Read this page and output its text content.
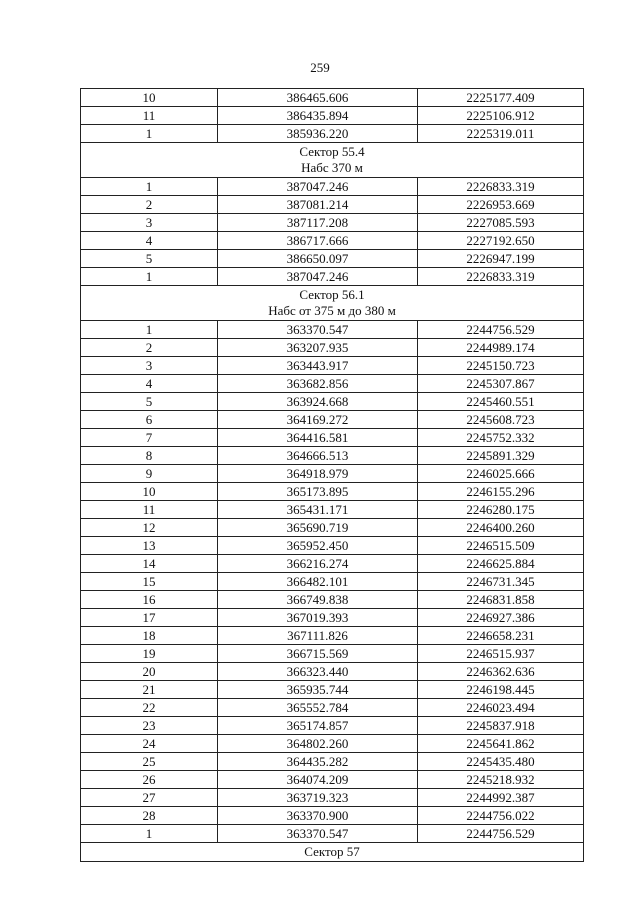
259
10	386465.606	2225177.409
11	386435.894	2225106.912
1	385936.220	2225319.011

Сектор 55.4
Набс 370 м		

1	387047.246	2226833.319
2	387081.214	2226953.669
3	387117.208	2227085.593
4	386717.666	2227192.650
5	386650.097	2226947.199
1	387047.246	2226833.319

Сектор 56.1
Набс от 375 м до 380 м		

1	363370.547	2244756.529
2	363207.935	2244989.174
3	363443.917	2245150.723
4	363682.856	2245307.867
5	363924.668	2245460.551
6	364169.272	2245608.723
7	364416.581	2245752.332
8	364666.513	2245891.329
9	364918.979	2246025.666
10	365173.895	2246155.296
11	365431.171	2246280.175
12	365690.719	2246400.260
13	365952.450	2246515.509
14	366216.274	2246625.884
15	366482.101	2246731.345
16	366749.838	2246831.858
17	367019.393	2246927.386
18	367111.826	2246658.231
19	366715.569	2246515.937
20	366323.440	2246362.636
21	365935.744	2246198.445
22	365552.784	2246023.494
23	365174.857	2245837.918
24	364802.260	2245641.862
25	364435.282	2245435.480
26	364074.209	2245218.932
27	363719.323	2244992.387
28	363370.900	2244756.022
1	363370.547	2244756.529

Сектор 57		
